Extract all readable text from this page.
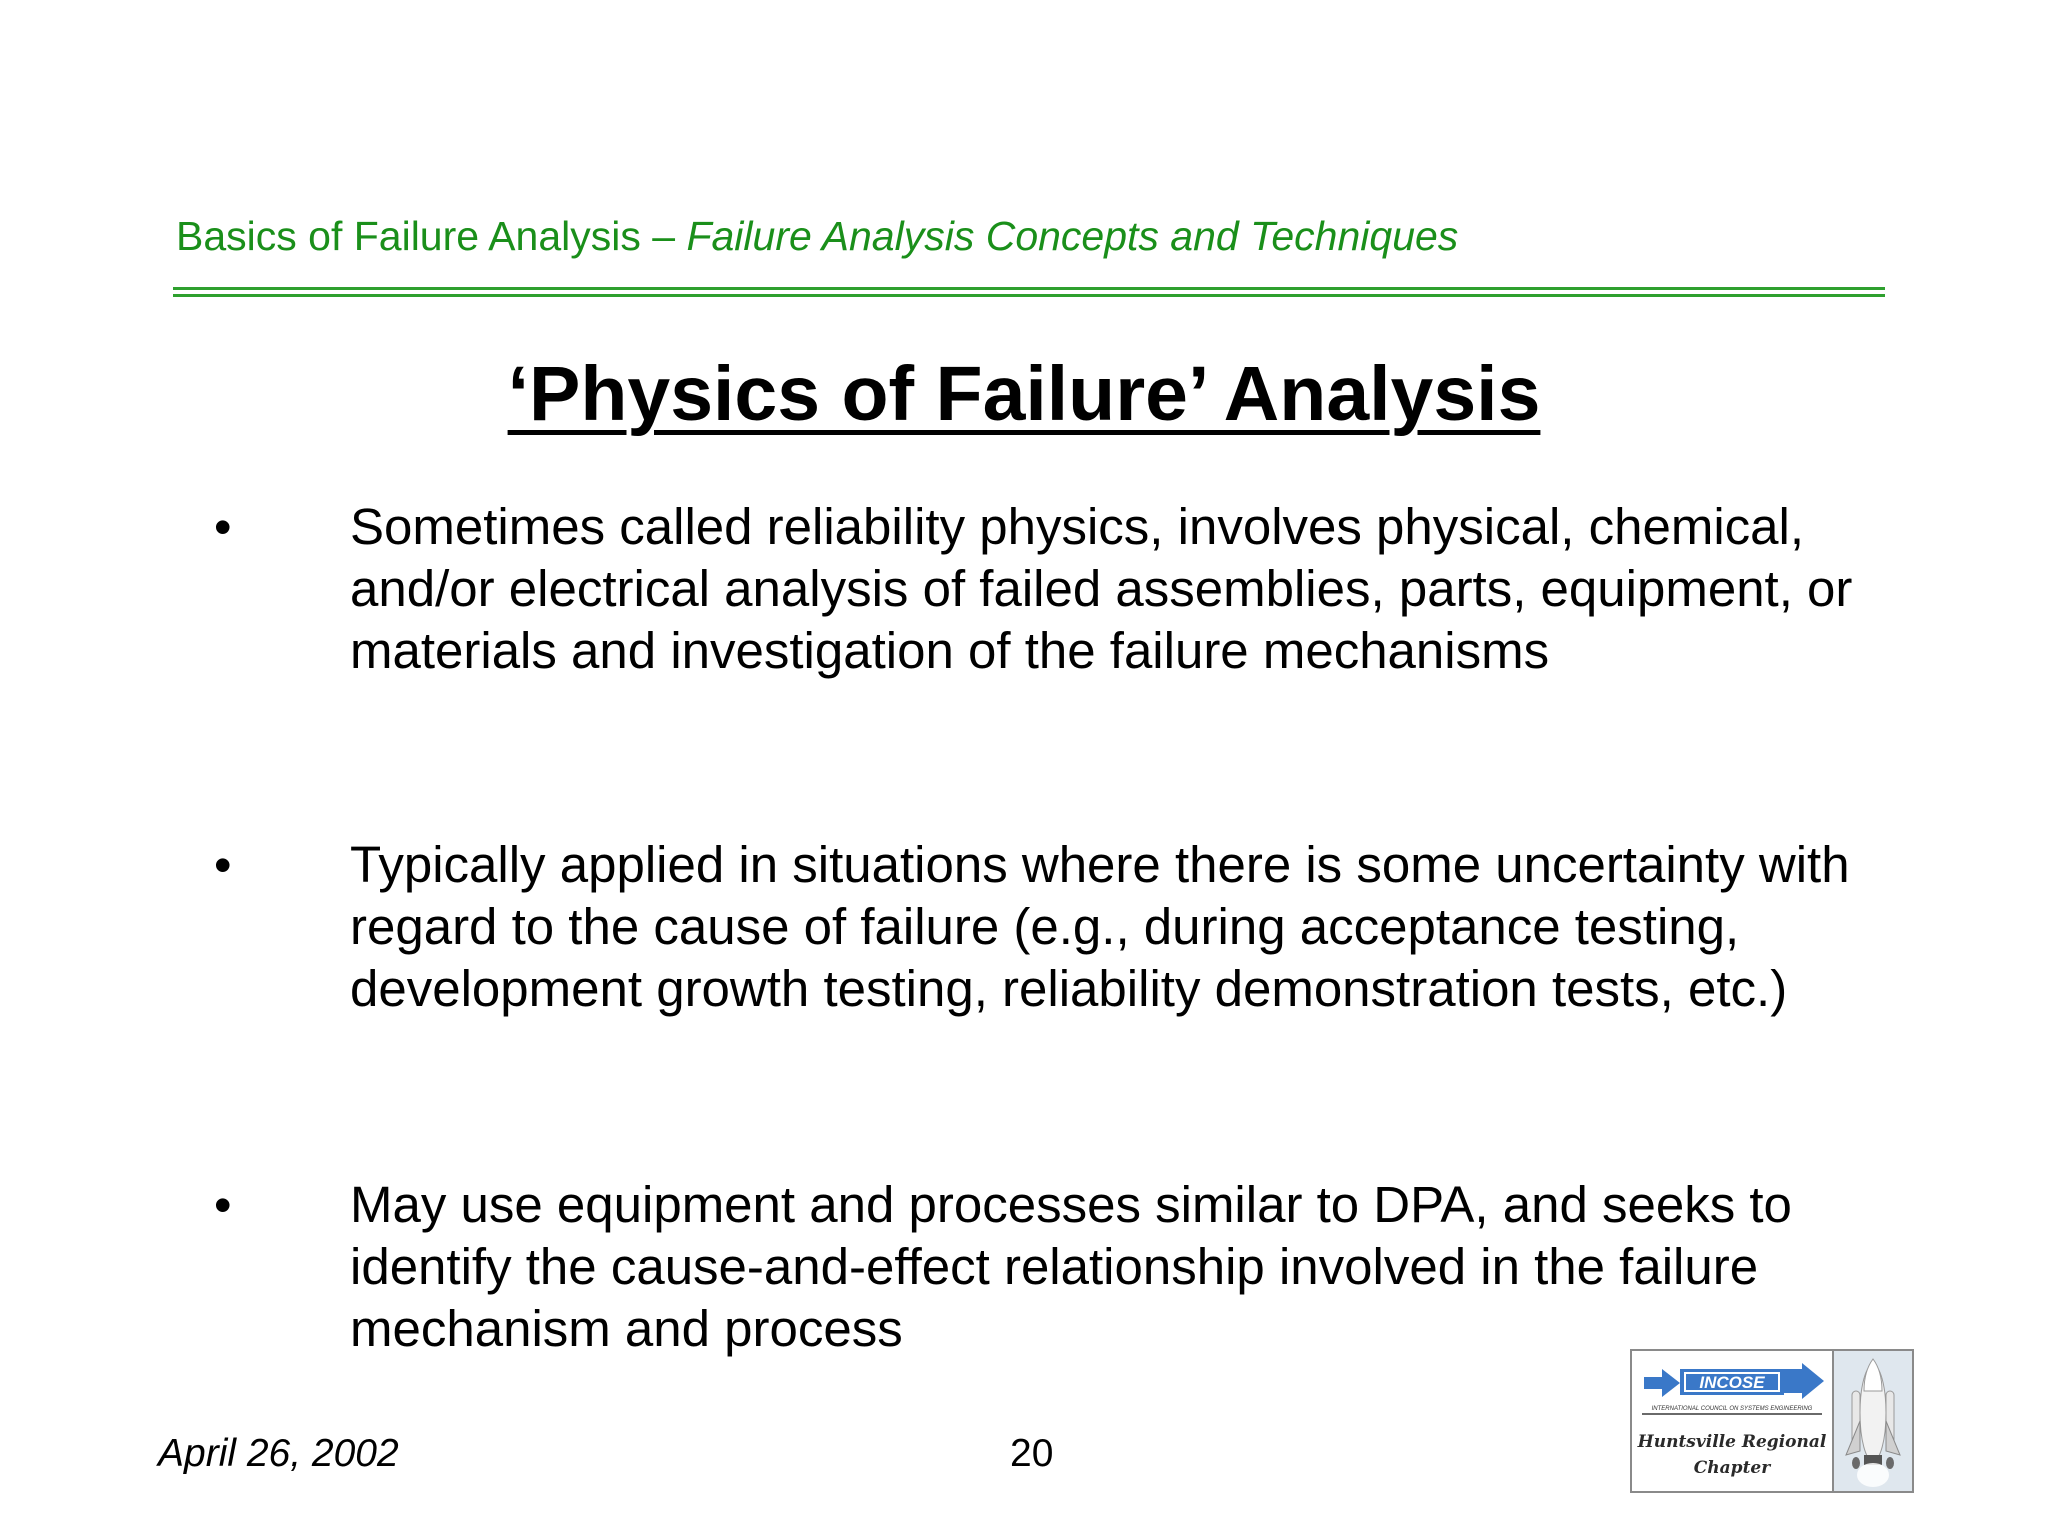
Basics of Failure Analysis – Failure Analysis Concepts and Techniques
‘Physics of Failure’ Analysis
• Sometimes called reliability physics, involves physical, chemical, and/or electrical analysis of failed assemblies, parts, equipment, or materials and investigation of the failure mechanisms
• Typically applied in situations where there is some uncertainty with regard to the cause of failure (e.g., during acceptance testing, development growth testing, reliability demonstration tests, etc.)
• May use equipment and processes similar to DPA, and seeks to identify the cause-and-effect relationship involved in the failure mechanism and process
April 26, 2002	20
INCOSE
INTERNATIONAL COUNCIL ON SYSTEMS ENGINEERING
Huntsville Regional
Chapter
